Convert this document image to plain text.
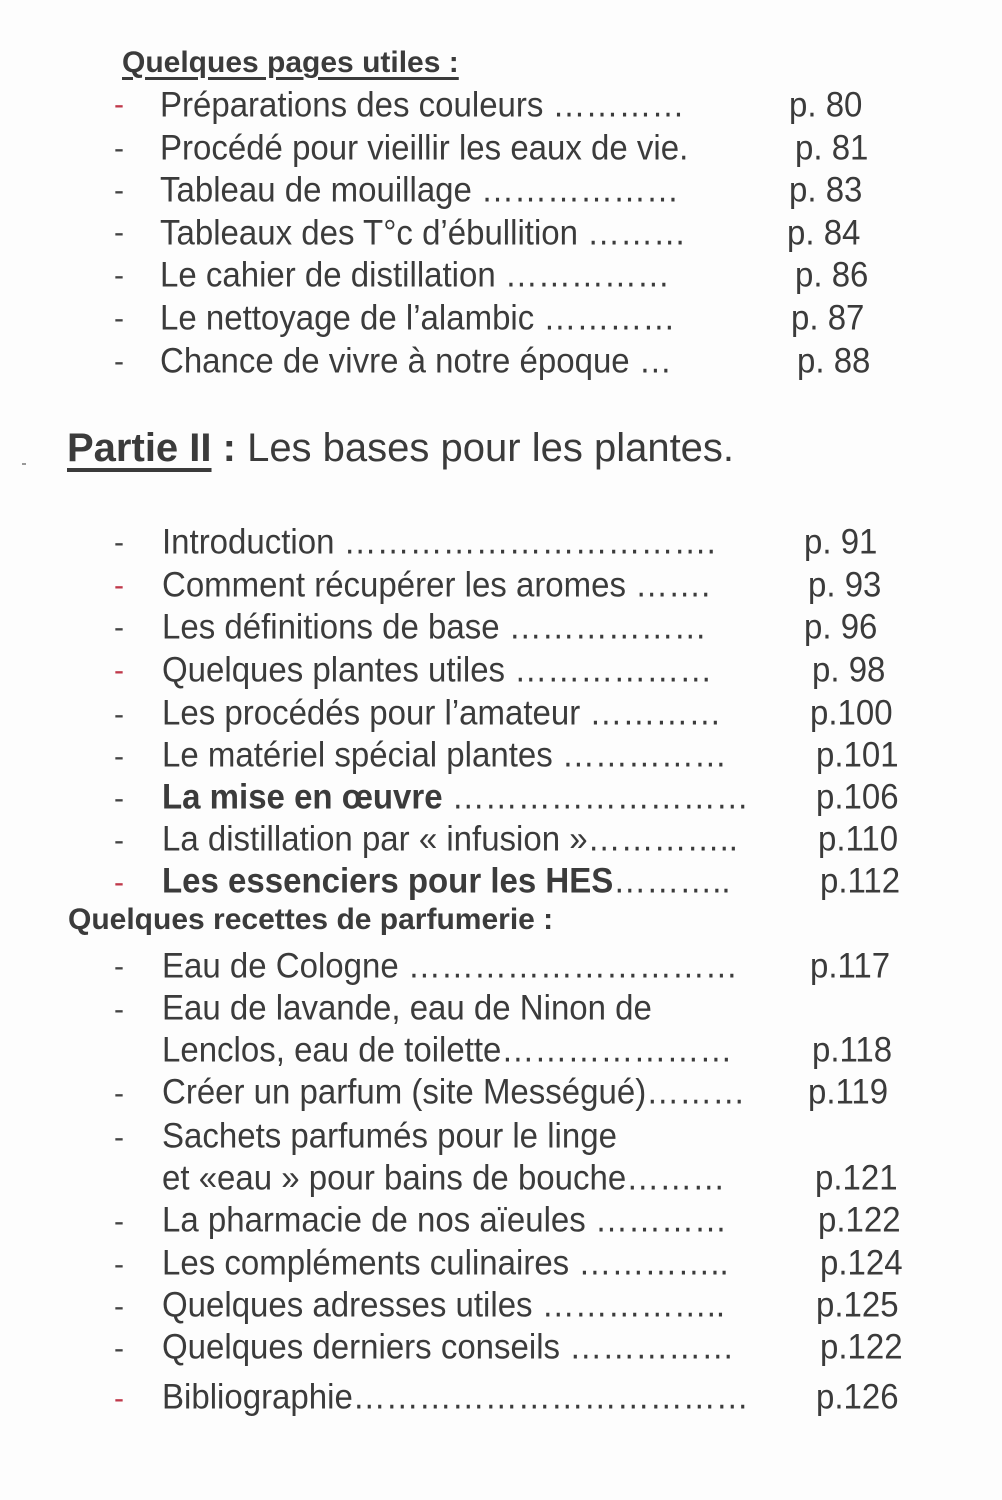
Quelques pages utiles :
- Préparations des couleurs …………	p. 80
- Procédé pour vieillir les eaux de vie.	p. 81
- Tableau de mouillage ………………	p. 83
- Tableaux des T°c d’ébullition ………	p. 84
- Le cahier de distillation ……………	p. 86
- Le nettoyage de l’alambic …………	p. 87
- Chance de vivre à notre époque …	p. 88
Partie II : Les bases pour les plantes.
- Introduction …………………………….	p. 91
- Comment récupérer les aromes …….	p. 93
- Les définitions de base ………………	p. 96
- Quelques plantes utiles ………………	p. 98
- Les procédés pour l’amateur …………	p.100
- Le matériel spécial plantes ……………	p.101
- La mise en œuvre ……………………… p.106
- La distillation par « infusion »………….. p.110
- Les essenciers pour les HES………..	p.112
Quelques recettes de parfumerie :
- Eau de Cologne ………………………… p.117
- Eau de lavande, eau de Ninon de
Lenclos, eau de toilette………………… p.118
- Créer un parfum (site Mességué)……… p.119
- Sachets parfumés pour le linge
et «eau » pour bains de bouche………	p.121
- La pharmacie de nos aïeules …………	p.122
- Les compléments culinaires …………..	p.124
- Quelques adresses utiles ……………..	p.125
- Quelques derniers conseils ……………	p.122
- Bibliographie……………………………… p.126
